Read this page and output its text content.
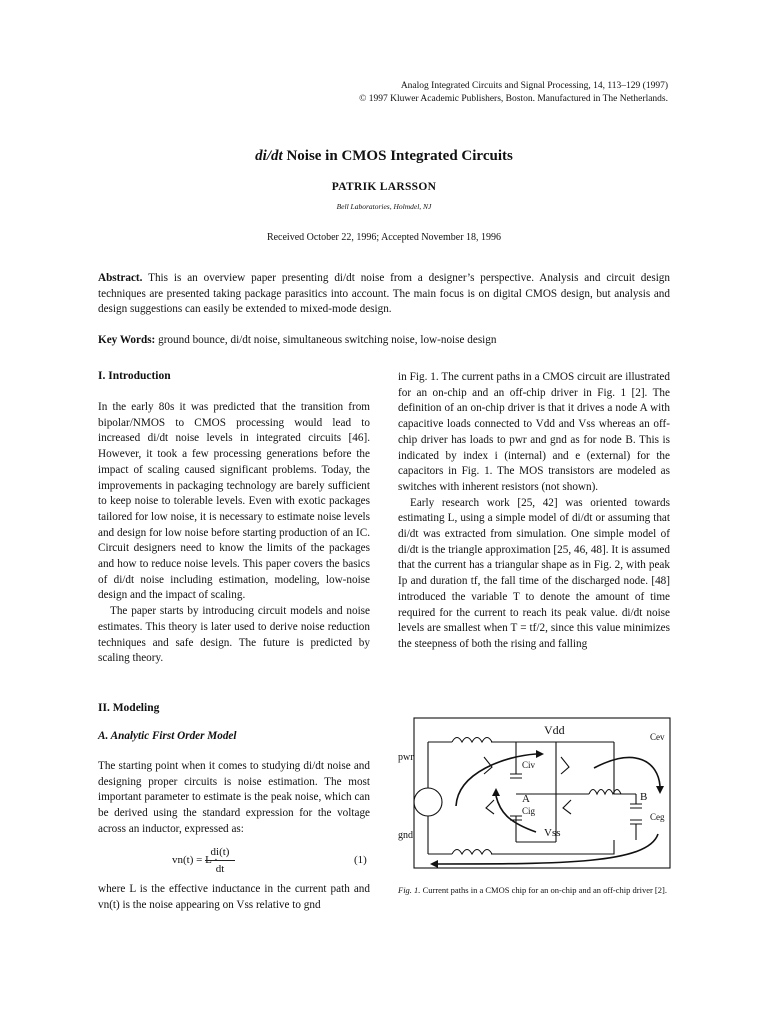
Analog Integrated Circuits and Signal Processing, 14, 113–129 (1997)
© 1997 Kluwer Academic Publishers, Boston. Manufactured in The Netherlands.
di/dt Noise in CMOS Integrated Circuits
PATRIK LARSSON
Bell Laboratories, Holmdel, NJ
Received October 22, 1996; Accepted November 18, 1996
Abstract. This is an overview paper presenting di/dt noise from a designer’s perspective. Analysis and circuit design techniques are presented taking package parasitics into account. The main focus is on digital CMOS design, but analysis and design suggestions can easily be extended to mixed-mode design.
Key Words: ground bounce, di/dt noise, simultaneous switching noise, low-noise design
I. Introduction

In the early 80s it was predicted that the transition from bipolar/NMOS to CMOS processing would lead to increased di/dt noise levels in integrated circuits [46]. However, it took a few processing generations before the impact of scaling caused significant problems. Today, the improvements in packaging technology are barely sufficient to keep noise to tolerable levels. Even with exotic packages tailored for low noise, it is necessary to estimate noise levels and design for low noise before starting production of an IC. Circuit designers need to know the limits of the packages and how to reduce noise levels. This paper covers the basics of di/dt noise including estimation, modeling, low-noise design and the impact of scaling.

The paper starts by introducing circuit models and noise estimates. This theory is later used to derive noise reduction techniques and safe design. The future is predicted by scaling theory.

II. Modeling
A. Analytic First Order Model

The starting point when it comes to studying di/dt noise and designing proper circuits is noise estimation. The most important parameter to estimate is the peak noise, which can be derived using the standard expression for the voltage across an inductor, expressed as:

vn(t) = L ·
di(t)
dt
(1)

where L is the effective inductance in the current path and vn(t) is the noise appearing on Vss relative to gnd

in Fig. 1. The current paths in a CMOS circuit are illustrated for an on-chip and an off-chip driver in Fig. 1 [2]. The definition of an on-chip driver is that it drives a node A with capacitive loads connected to Vdd and Vss whereas an off-chip driver has loads to pwr and gnd as for node B. This is indicated by index i (internal) and e (external) for the capacitors in Fig. 1. The MOS transistors are modeled as switches with inherent resistors (not shown).

Early research work [25, 42] was oriented towards estimating L, using a simple model of di/dt or assuming that di/dt was extracted from simulation. One simple model of di/dt is the triangle approximation [25, 46, 48]. It is assumed that the current has a triangular shape as in Fig. 2, with peak Ip and duration tf, the fall time of the discharged node. [48] introduced the variable T to denote the amount of time required for the current to reach its peak value. di/dt noise levels are smallest when T = tf/2, since this value minimizes the steepness of both the rising and falling

pwr
gnd
Vdd
Vss
Civ
Cig
Cev
Ceg
A	B
Fig. 1. Current paths in a CMOS chip for an on-chip and an off-chip driver [2].
